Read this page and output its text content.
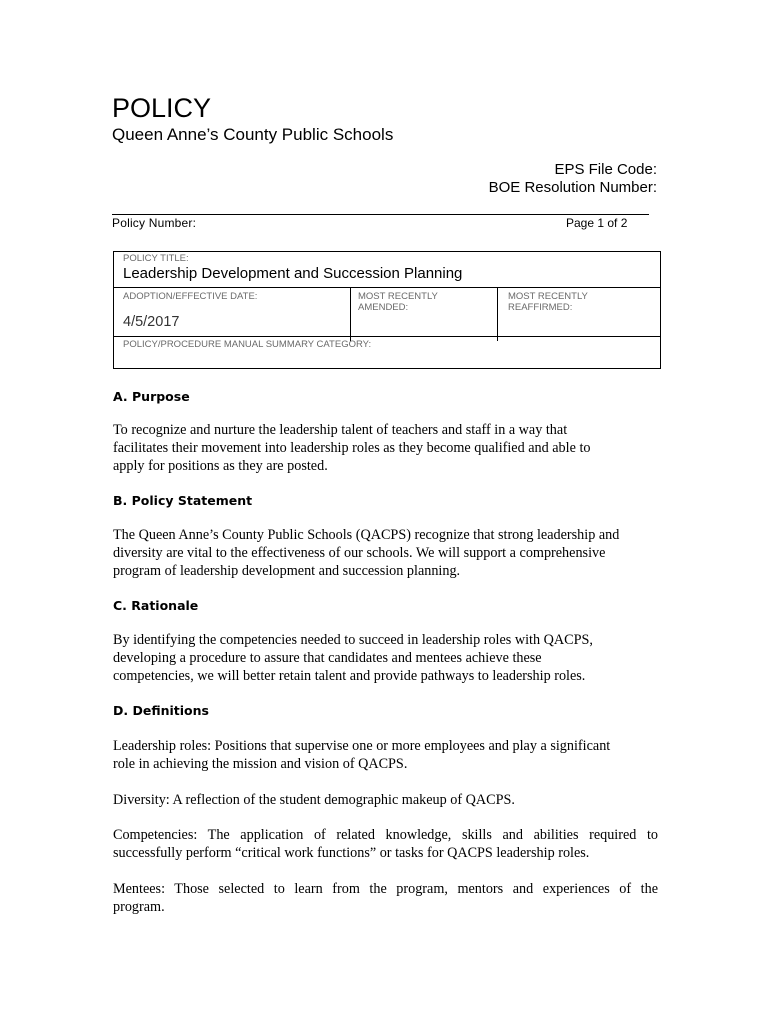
POLICY
Queen Anne’s County Public Schools
EPS File Code:
BOE Resolution Number:
Policy Number:	Page 1 of 2
POLICY TITLE:
Leadership Development and Succession Planning
ADOPTION/EFFECTIVE DATE:
4/5/2017
MOST RECENTLY
AMENDED:
MOST RECENTLY
REAFFIRMED:
POLICY/PROCEDURE MANUAL SUMMARY CATEGORY:
A. Purpose
To recognize and nurture the leadership talent of teachers and staff in a way that
facilitates their movement into leadership roles as they become qualified and able to
apply for positions as they are posted.
B. Policy Statement
The Queen Anne’s County Public Schools (QACPS) recognize that strong leadership and
diversity are vital to the effectiveness of our schools. We will support a comprehensive
program of leadership development and succession planning.
C. Rationale
By identifying the competencies needed to succeed in leadership roles with QACPS,
developing a procedure to assure that candidates and mentees achieve these
competencies, we will better retain talent and provide pathways to leadership roles.
D. Definitions
Leadership roles: Positions that supervise one or more employees and play a significant
role in achieving the mission and vision of QACPS.
Diversity: A reflection of the student demographic makeup of QACPS.
Competencies: The application of related knowledge, skills and abilities required to
successfully perform “critical work functions” or tasks for QACPS leadership roles.
Mentees: Those selected to learn from the program, mentors and experiences of the
program.
